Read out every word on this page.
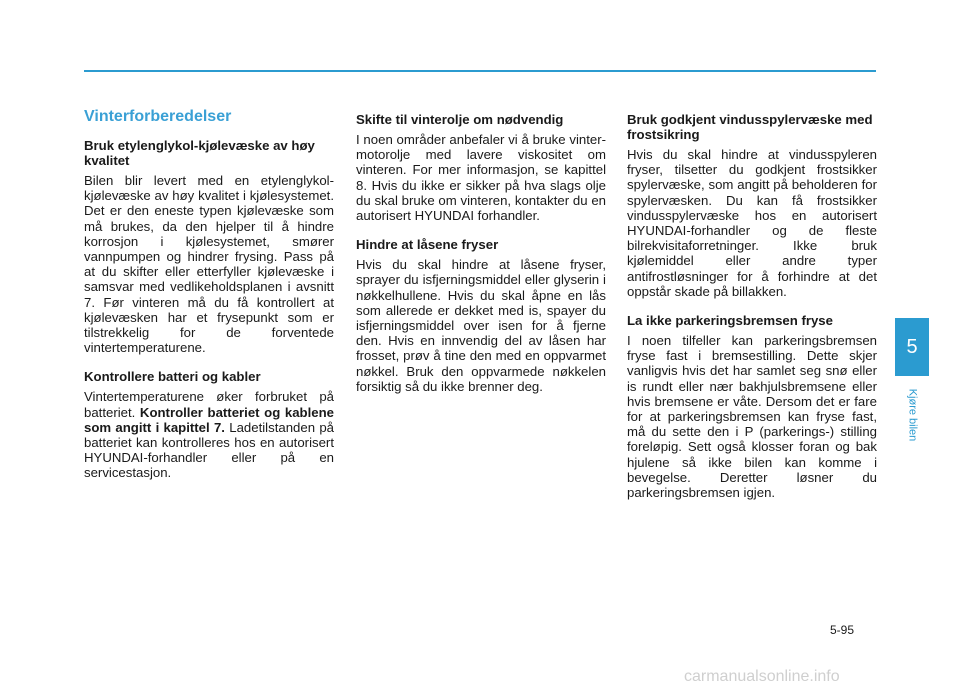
Vinterforberedelser
Bruk etylenglykol-kjølevæske av høy kvalitet
Bilen blir levert med en etylenglykol-kjølevæske av høy kvalitet i kjølesystemet. Det er den eneste typen kjølevæske som må brukes, da den hjelper til å hindre korrosjon i kjølesystemet, smører vannpumpen og hindrer frysing. Pass på at du skifter eller etterfyller kjølevæske i samsvar med vedlikeholdsplanen i avsnitt 7. Før vinteren må du få kontrollert at kjølevæsken har et frysepunkt som er tilstrekkelig for de forventede vintertemperaturene.
Kontrollere batteri og kabler
Vintertemperaturene øker forbruket på batteriet. Kontroller batteriet og kablene som angitt i kapittel 7. Ladetilstanden på batteriet kan kontrolleres hos en autorisert HYUNDAI-forhandler eller på en servicestasjon.
Skifte til vinterolje om nødvendig
I noen områder anbefaler vi å bruke vinter-motorolje med lavere viskositet om vinteren. For mer informasjon, se kapittel 8. Hvis du ikke er sikker på hva slags olje du skal bruke om vinteren, kontakter du en autorisert HYUNDAI forhandler.
Hindre at låsene fryser
Hvis du skal hindre at låsene fryser, sprayer du isfjerningsmiddel eller glyserin i nøkkelhullene. Hvis du skal åpne en lås som allerede er dekket med is, spayer du isfjerningsmiddel over isen for å fjerne den. Hvis en innvendig del av låsen har frosset, prøv å tine den med en oppvarmet nøkkel. Bruk den oppvarmede nøkkelen forsiktig så du ikke brenner deg.
Bruk godkjent vindusspylervæske med frostsikring
Hvis du skal hindre at vindusspyleren fryser, tilsetter du godkjent frostsikker spylervæske, som angitt på beholderen for spylervæsken. Du kan få frostsikker vindusspylervæske hos en autorisert HYUNDAI-forhandler og de fleste bilrekvisitaforretninger. Ikke bruk kjølemiddel eller andre typer antifrostløsninger for å forhindre at det oppstår skade på billakken.
La ikke parkeringsbremsen fryse
I noen tilfeller kan parkeringsbremsen fryse fast i bremsestilling. Dette skjer vanligvis hvis det har samlet seg snø eller is rundt eller nær bakhjulsbremsene eller hvis bremsene er våte. Dersom det er fare for at parkeringsbremsen kan fryse fast, må du sette den i P (parkerings-) stilling foreløpig. Sett også klosser foran og bak hjulene så ikke bilen kan komme i bevegelse. Deretter løsner du parkeringsbremsen igjen.
5
Kjøre bilen
5-95
carmanualsonline.info
